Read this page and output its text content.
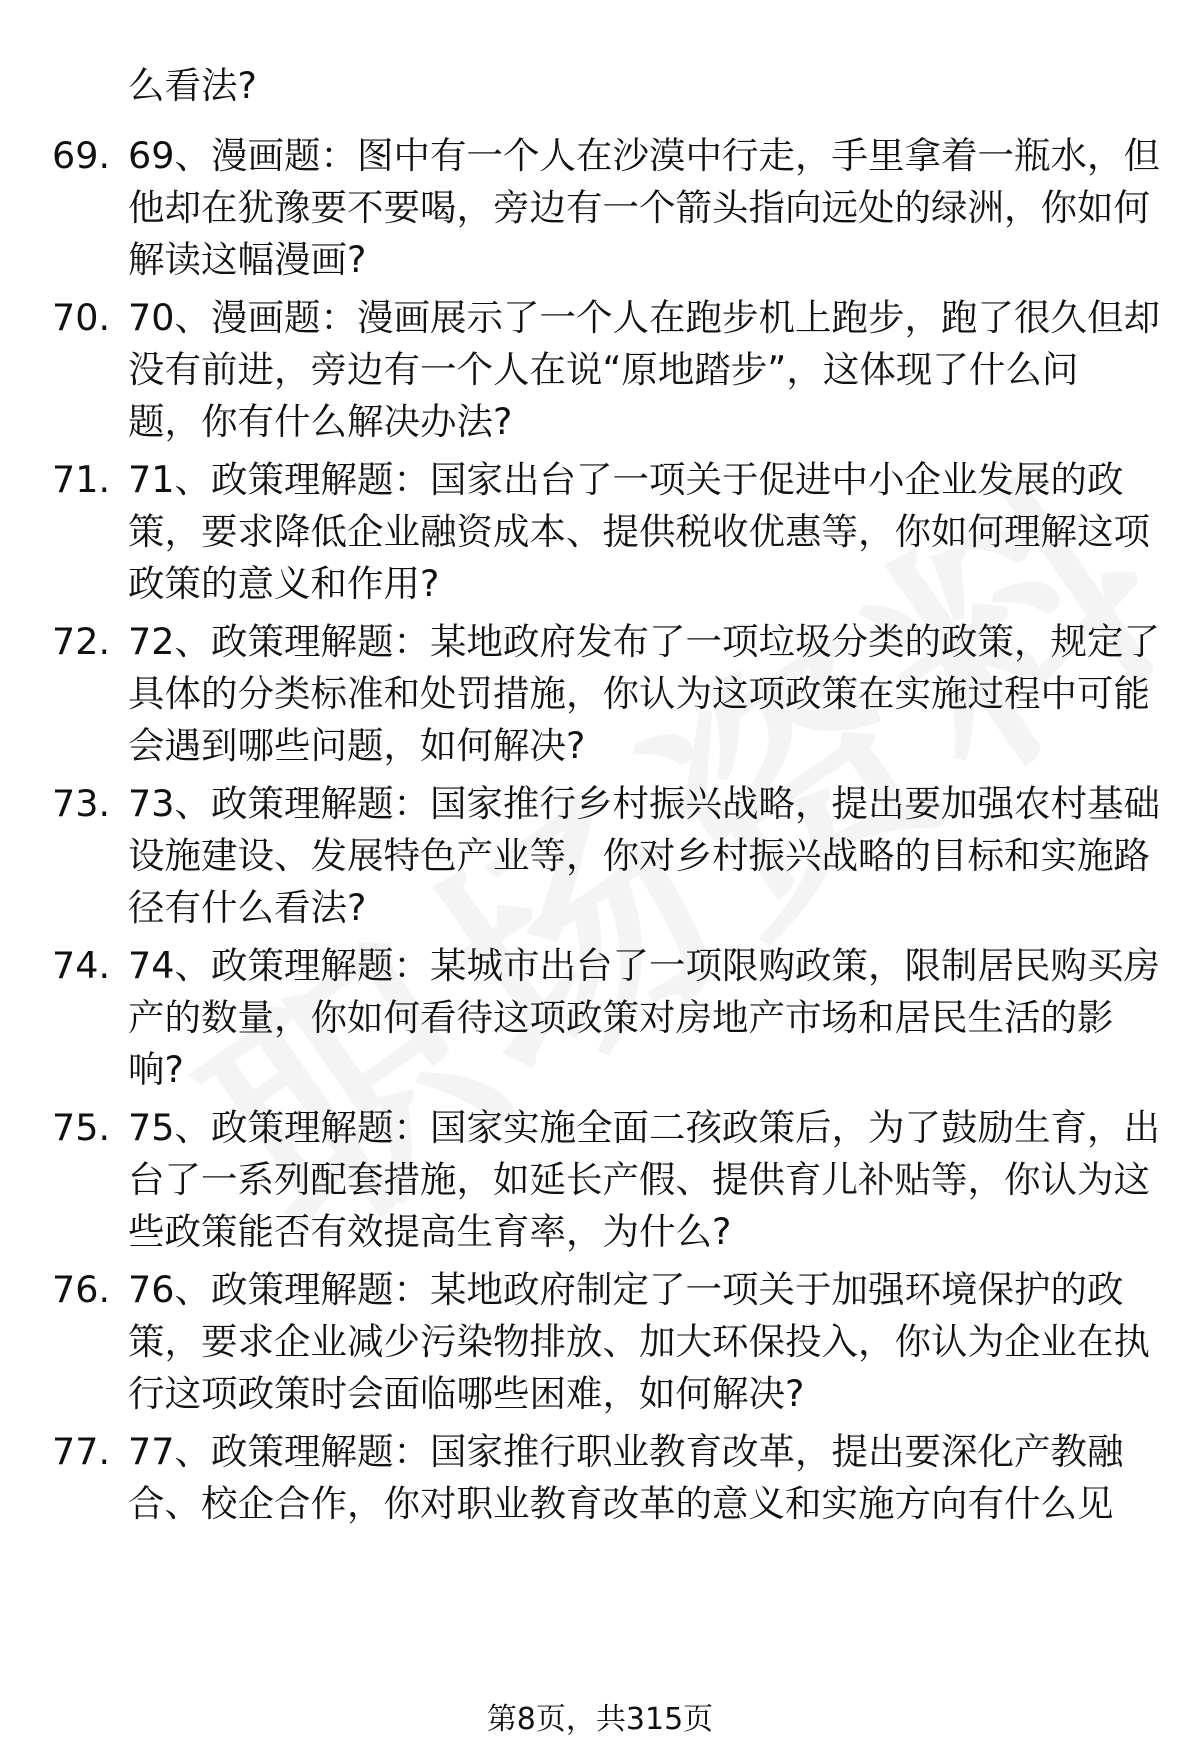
么看法?
69. 69、漫画题：图中有一个人在沙漠中行走，手里拿着一瓶水，但
他却在犹豫要不要喝，旁边有一个箭头指向远处的绿洲，你如何
解读这幅漫画?
70. 70、漫画题：漫画展示了一个人在跑步机上跑步，跑了很久但却
没有前进，旁边有一个人在说“原地踏步”，这体现了什么问
题，你有什么解决办法?
71. 71、政策理解题：国家出台了一项关于促进中小企业发展的政
策，要求降低企业融资成本、提供税收优惠等，你如何理解这项
政策的意义和作用?
72. 72、政策理解题：某地政府发布了一项垃圾分类的政策，规定了
具体的分类标准和处罚措施，你认为这项政策在实施过程中可能
会遇到哪些问题，如何解决?
73. 73、政策理解题：国家推行乡村振兴战略，提出要加强农村基础
设施建设、发展特色产业等，你对乡村振兴战略的目标和实施路
径有什么看法?
74. 74、政策理解题：某城市出台了一项限购政策，限制居民购买房
产的数量，你如何看待这项政策对房地产市场和居民生活的影
响?
75. 75、政策理解题：国家实施全面二孩政策后，为了鼓励生育，出
台了一系列配套措施，如延长产假、提供育儿补贴等，你认为这
些政策能否有效提高生育率，为什么?
76. 76、政策理解题：某地政府制定了一项关于加强环境保护的政
策，要求企业减少污染物排放、加大环保投入，你认为企业在执
行这项政策时会面临哪些困难，如何解决?
77. 77、政策理解题：国家推行职业教育改革，提出要深化产教融
合、校企合作，你对职业教育改革的意义和实施方向有什么见
第8页，共315页
